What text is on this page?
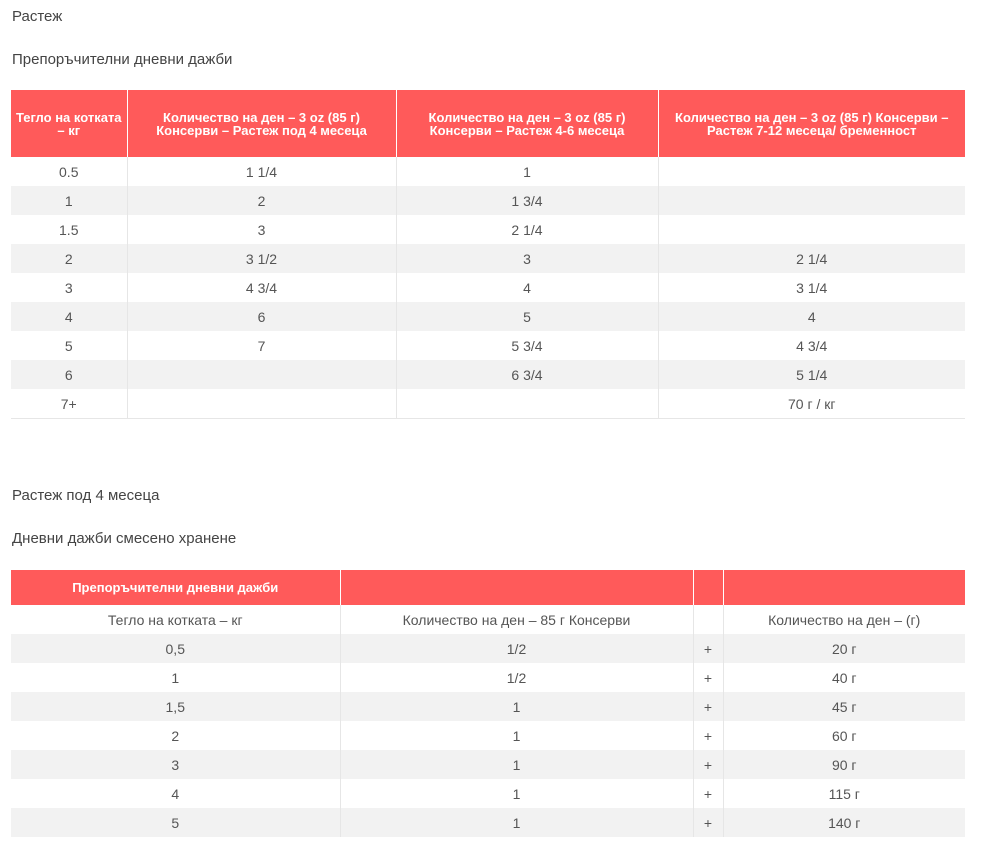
Растеж
Препоръчителни дневни дажби
Тегло на котката – кг	Количество на ден – 3 oz (85 г) Консерви – Растеж под 4 месеца	Количество на ден – 3 oz (85 г) Консерви – Растеж 4-6 месеца	Количество на ден – 3 oz (85 г) Консерви – Растеж 7-12 месеца/ бременност
0.5	1 1/4	1	
1	2	1 3/4	
1.5	3	2 1/4	
2	3 1/2	3	2 1/4
3	4 3/4	4	3 1/4
4	6	5	4
5	7	5 3/4	4 3/4
6		6 3/4	5 1/4
7+			70 г / кг
Растеж под 4 месеца
Дневни дажби смесено хранене
Препоръчителни дневни дажби			
Тегло на котката – кг	Количество на ден – 85 г Консерви		Количество на ден – (г)
0,5	1/2	+	20 г
1	1/2	+	40 г
1,5	1	+	45 г
2	1	+	60 г
3	1	+	90 г
4	1	+	115 г
5	1	+	140 г
